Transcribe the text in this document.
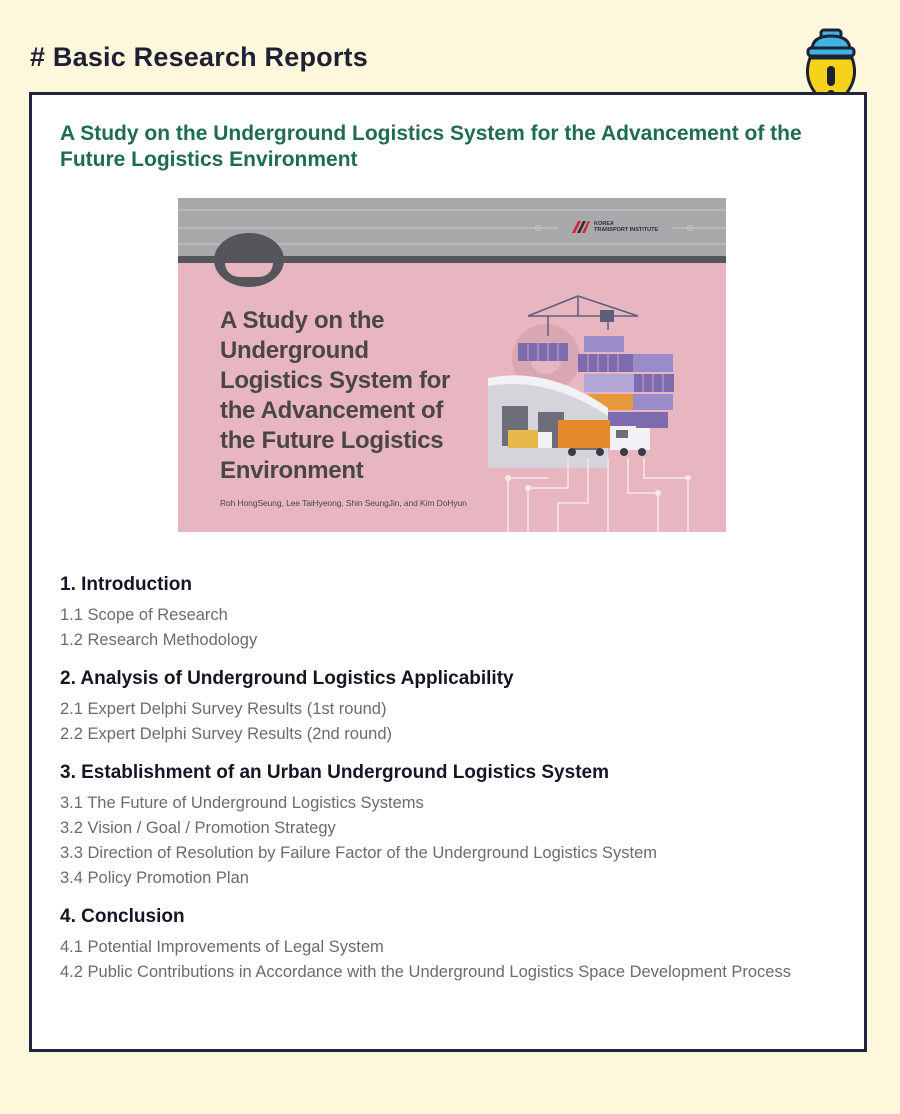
# Basic Research Reports
A Study on the Underground Logistics System for the Advancement of the Future Logistics Environment
KOREA
TRANSPORT INSTITUTE
A Study on the
Underground
Logistics System for
the Advancement of
the Future Logistics
Environment
Roh HongSeung, Lee TaiHyeong, Shin SeungJin, and Kim DoHyun
1. Introduction

1.1 Scope of Research

1.2 Research Methodology

2. Analysis of Underground Logistics Applicability

2.1 Expert Delphi Survey Results (1st round)

2.2 Expert Delphi Survey Results (2nd round)

3. Establishment of an Urban Underground Logistics System

3.1 The Future of Underground Logistics Systems

3.2 Vision / Goal / Promotion Strategy

3.3 Direction of Resolution by Failure Factor of the Underground Logistics System

3.4 Policy Promotion Plan

4. Conclusion

4.1 Potential Improvements of Legal System

4.2 Public Contributions in Accordance with the Underground Logistics Space Development Process
